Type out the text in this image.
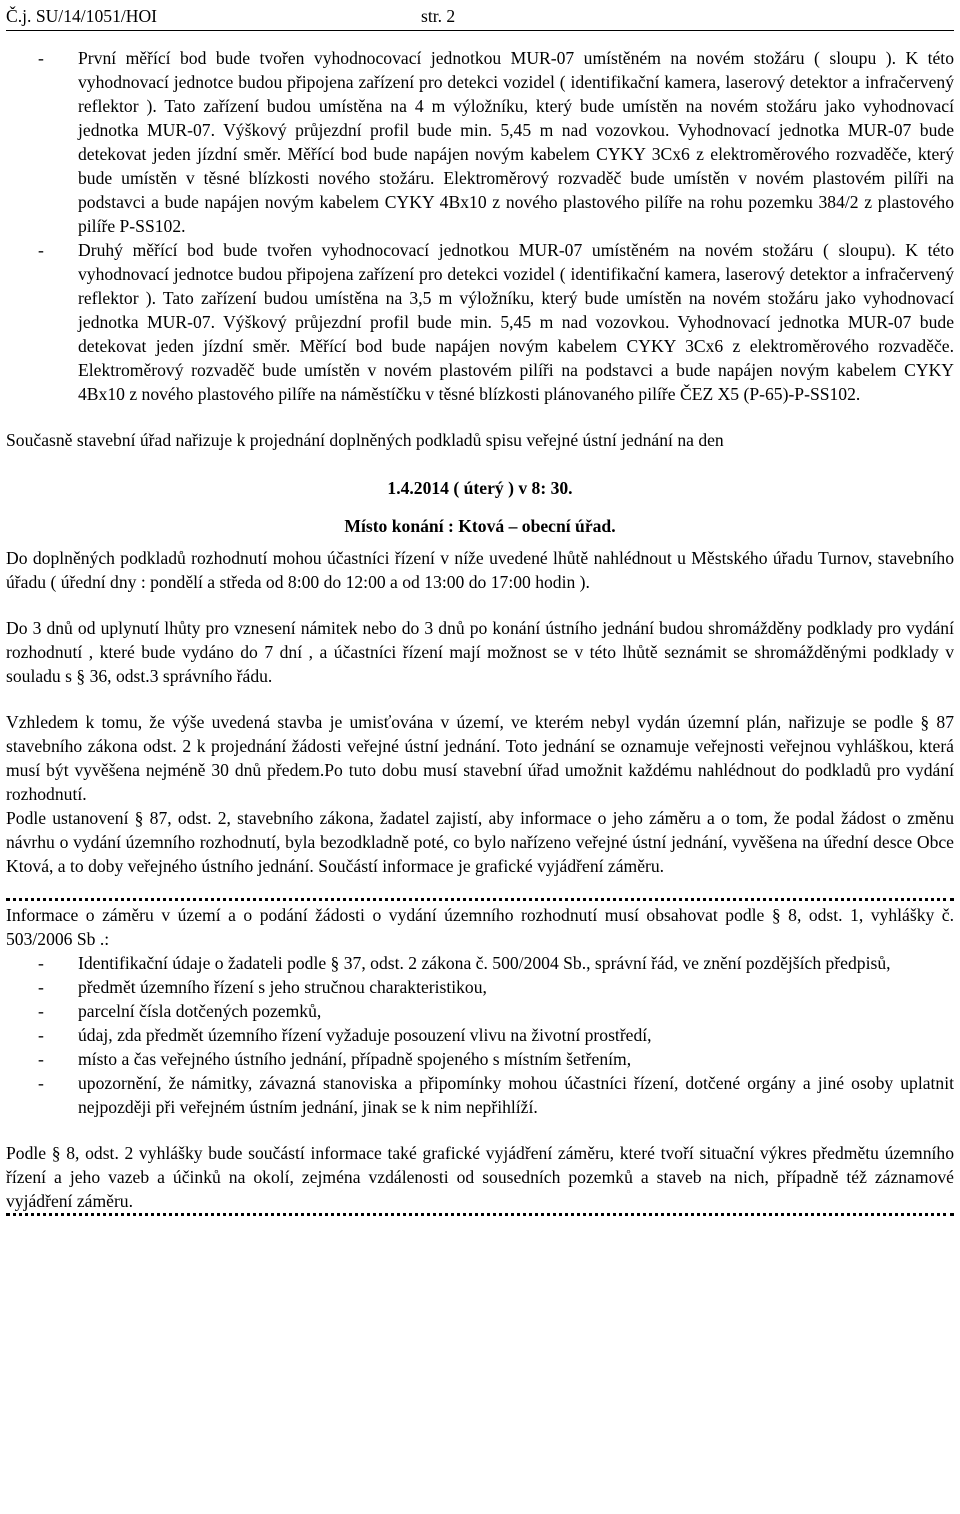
Č.j. SU/14/1051/HOI	str. 2
- První měřící bod bude tvořen vyhodnocovací jednotkou MUR-07 umístěném na novém stožáru ( sloupu ). K této vyhodnovací jednotce budou připojena zařízení pro detekci vozidel ( identifikační kamera, laserový detektor a infračervený reflektor ). Tato zařízení budou umístěna na 4 m výložníku, který bude umístěn na novém stožáru jako vyhodnovací jednotka MUR-07. Výškový průjezdní profil bude min. 5,45 m nad vozovkou. Vyhodnovací jednotka MUR-07 bude detekovat jeden jízdní směr. Měřící bod bude napájen novým kabelem CYKY 3Cx6 z elektroměrového rozvaděče, který bude umístěn v těsné blízkosti nového stožáru. Elektroměrový rozvaděč bude umístěn v novém plastovém pilíři na podstavci a bude napájen novým kabelem CYKY 4Bx10 z nového plastového pilíře na rohu pozemku 384/2 z plastového pilíře P-SS102.
- Druhý měřící bod bude tvořen vyhodnocovací jednotkou MUR-07 umístěném na novém stožáru ( sloupu). K této vyhodnovací jednotce budou připojena zařízení pro detekci vozidel ( identifikační kamera, laserový detektor a infračervený reflektor ). Tato zařízení budou umístěna na 3,5 m výložníku, který bude umístěn na novém stožáru jako vyhodnovací jednotka MUR-07. Výškový průjezdní profil bude min. 5,45 m nad vozovkou. Vyhodnovací jednotka MUR-07 bude detekovat jeden jízdní směr. Měřící bod bude napájen novým kabelem CYKY 3Cx6 z elektroměrového rozvaděče. Elektroměrový rozvaděč bude umístěn v novém plastovém pilíři na podstavci a bude napájen novým kabelem CYKY 4Bx10 z nového plastového pilíře na náměstíčku v těsné blízkosti plánovaného pilíře ČEZ X5 (P-65)-P-SS102.

Současně stavební úřad nařizuje k projednání doplněných podkladů spisu veřejné ústní jednání na den

1.4.2014 ( úterý ) v 8: 30.

Místo konání : Ktová – obecní úřad.

Do doplněných podkladů rozhodnutí mohou účastníci řízení v níže uvedené lhůtě nahlédnout u Městského úřadu Turnov, stavebního úřadu ( úřední dny : pondělí a středa od 8:00 do 12:00 a od 13:00 do 17:00 hodin ).

Do 3 dnů od uplynutí lhůty pro vznesení námitek nebo do 3 dnů po konání ústního jednání budou shromážděny podklady pro vydání rozhodnutí , které bude vydáno do 7 dní , a účastníci řízení mají možnost se v této lhůtě seznámit se shromážděnými podklady v souladu s § 36, odst.3 správního řádu.

Vzhledem k tomu, že výše uvedená stavba je umisťována v území, ve kterém nebyl vydán územní plán, nařizuje se podle § 87 stavebního zákona odst. 2 k projednání žádosti veřejné ústní jednání. Toto jednání se oznamuje veřejnosti veřejnou vyhláškou, která musí být vyvěšena nejméně 30 dnů předem.Po tuto dobu musí stavební úřad umožnit každému nahlédnout do podkladů pro vydání rozhodnutí.

Podle ustanovení § 87, odst. 2, stavebního zákona, žadatel zajistí, aby informace o jeho záměru a o tom, že podal žádost o změnu návrhu o vydání územního rozhodnutí, byla bezodkladně poté, co bylo nařízeno veřejné ústní jednání, vyvěšena na úřední desce Obce Ktová, a to doby veřejného ústního jednání. Součástí informace je grafické vyjádření záměru.

Informace o záměru v území a o podání žádosti o vydání územního rozhodnutí musí obsahovat podle § 8, odst. 1, vyhlášky č. 503/2006 Sb .:

- Identifikační údaje o žadateli podle § 37, odst. 2 zákona č. 500/2004 Sb., správní řád, ve znění pozdějších předpisů,
- předmět územního řízení s jeho stručnou charakteristikou,
- parcelní čísla dotčených pozemků,
- údaj, zda předmět územního řízení vyžaduje posouzení vlivu na životní prostředí,
- místo a čas veřejného ústního jednání, případně spojeného s místním šetřením,
- upozornění, že námitky, závazná stanoviska a připomínky mohou účastníci řízení, dotčené orgány a jiné osoby uplatnit nejpozději při veřejném ústním jednání, jinak se k nim nepřihlíží.

Podle § 8, odst. 2 vyhlášky bude součástí informace také grafické vyjádření záměru, které tvoří situační výkres předmětu územního řízení a jeho vazeb a účinků na okolí, zejména vzdálenosti od sousedních pozemků a staveb na nich, případně též záznamové vyjádření záměru.
